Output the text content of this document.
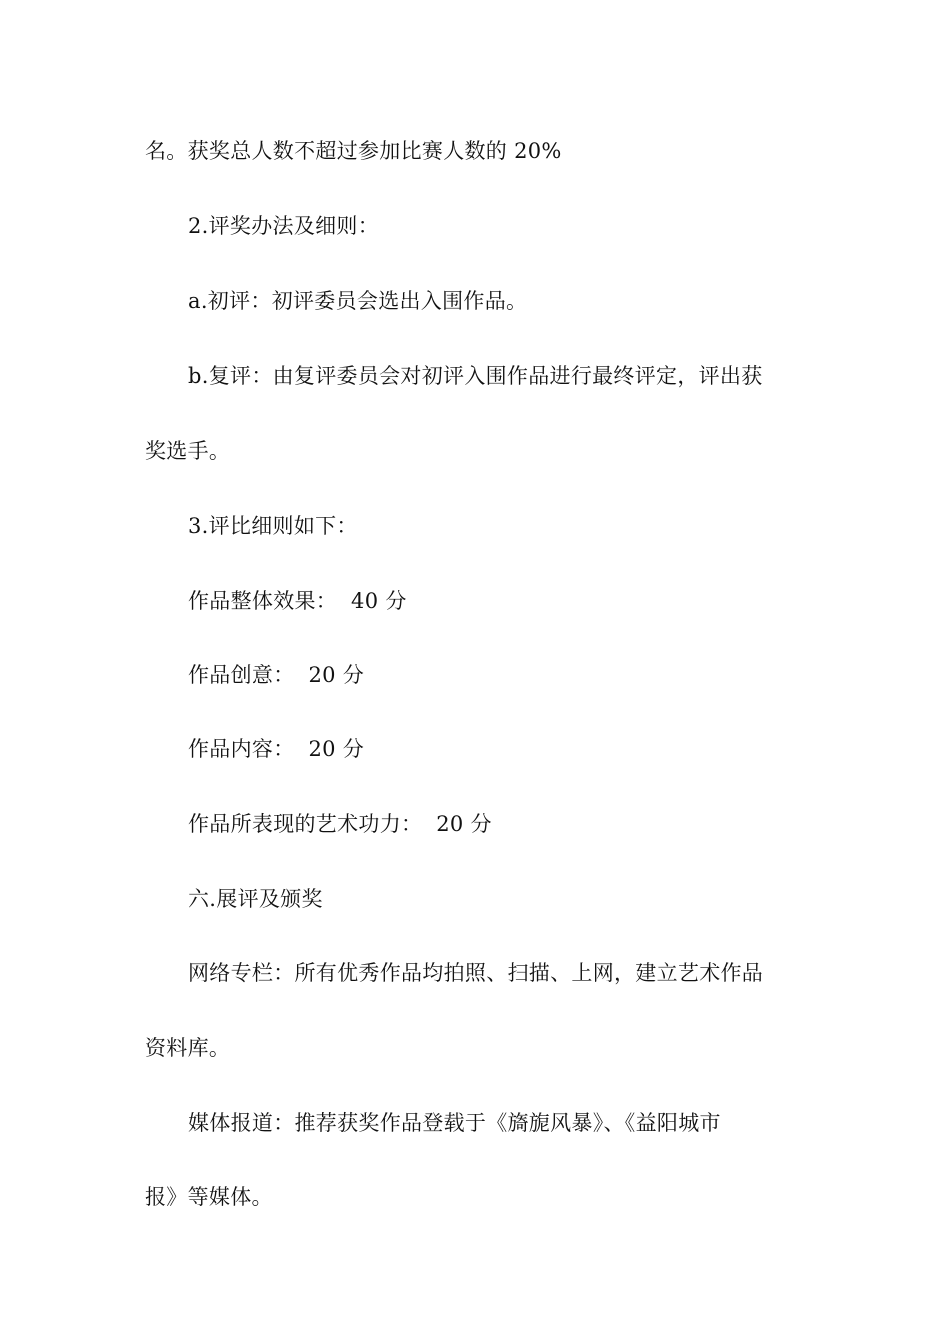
名。获奖总人数不超过参加比赛人数的 20%

2.评奖办法及细则：

a.初评：初评委员会选出入围作品。

b.复评：由复评委员会对初评入围作品进行最终评定，评出获

奖选手。

3.评比细则如下：

作品整体效果：  40 分

作品创意：  20 分

作品内容：  20 分

作品所表现的艺术功力：  20 分

六.展评及颁奖

网络专栏：所有优秀作品均拍照、扫描、上网，建立艺术作品

资料库。

媒体报道：推荐获奖作品登载于《旖旎风暴》、《益阳城市

报》等媒体。
